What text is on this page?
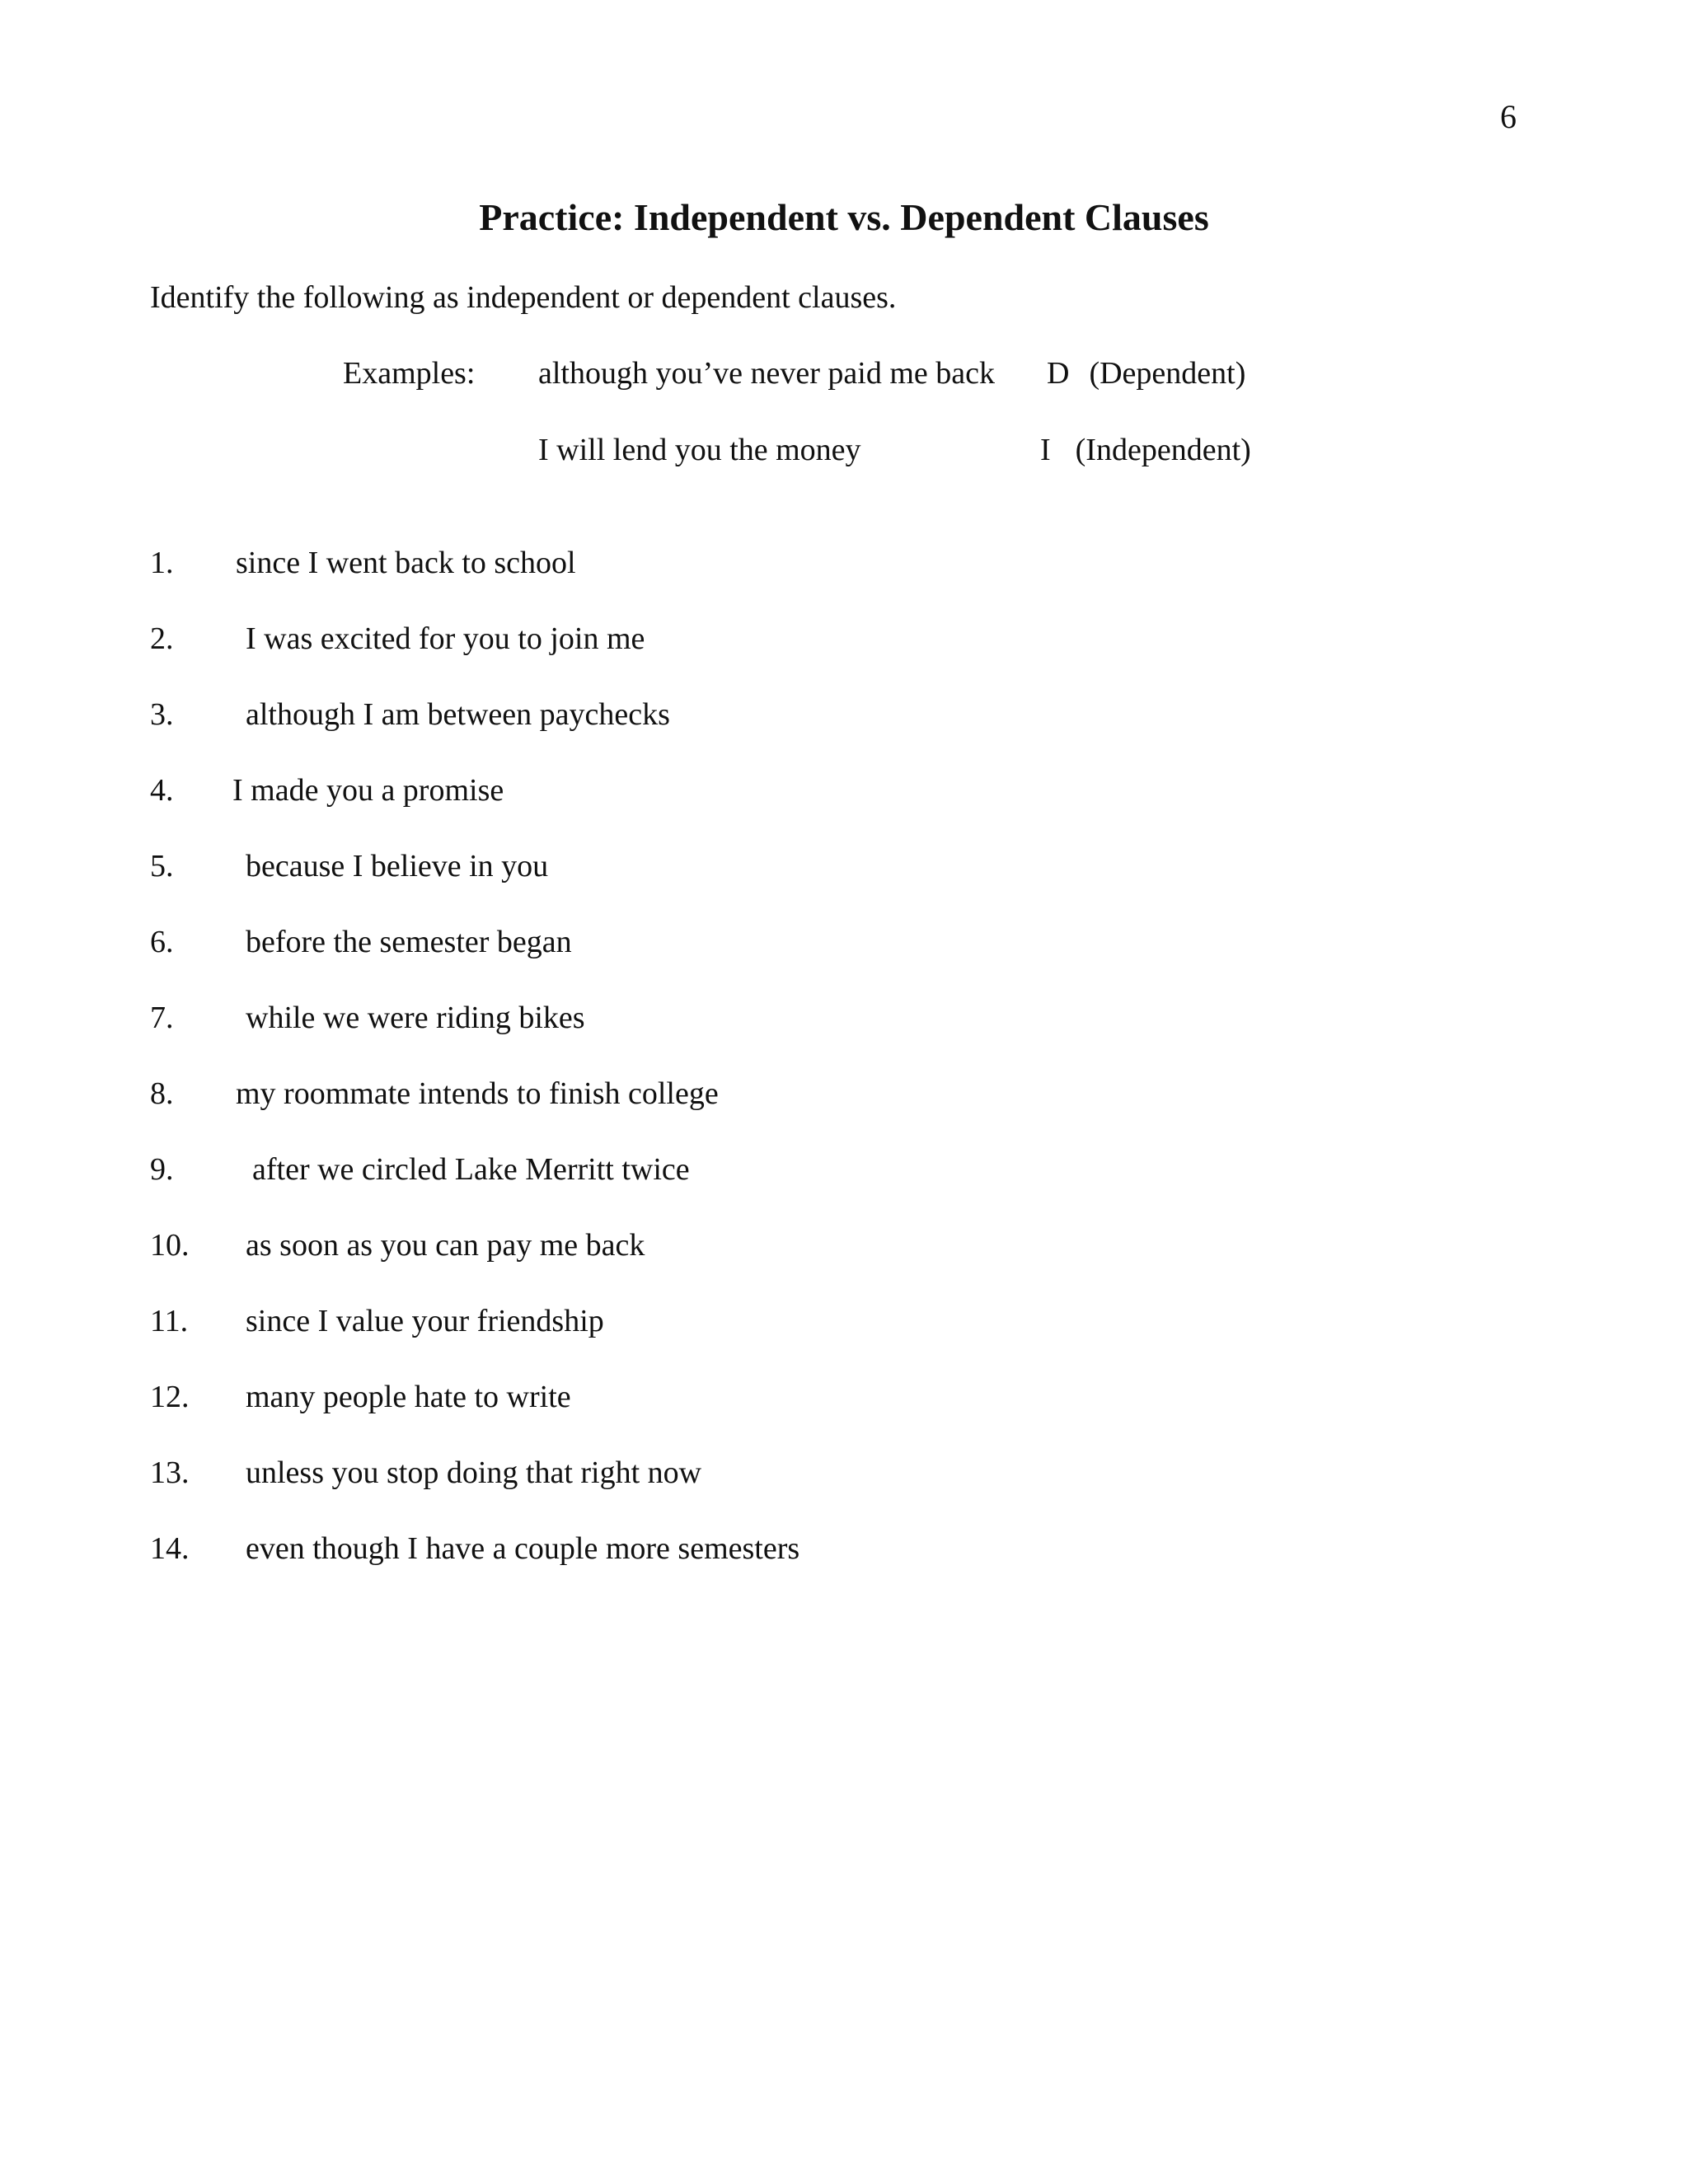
6
Practice: Independent vs. Dependent Clauses
Identify the following as independent or dependent clauses.
Examples: although you’ve never paid me back D (Dependent)
I will lend you the money	I (Independent)
1. since I went back to school
2. I was excited for you to join me
3. although I am between paychecks
4. I made you a promise
5. because I believe in you
6. before the semester began
7. while we were riding bikes
8. my roommate intends to finish college
9.	after we circled Lake Merritt twice
10. as soon as you can pay me back
11. since I value your friendship
12. many people hate to write
13. unless you stop doing that right now
14. even though I have a couple more semesters
